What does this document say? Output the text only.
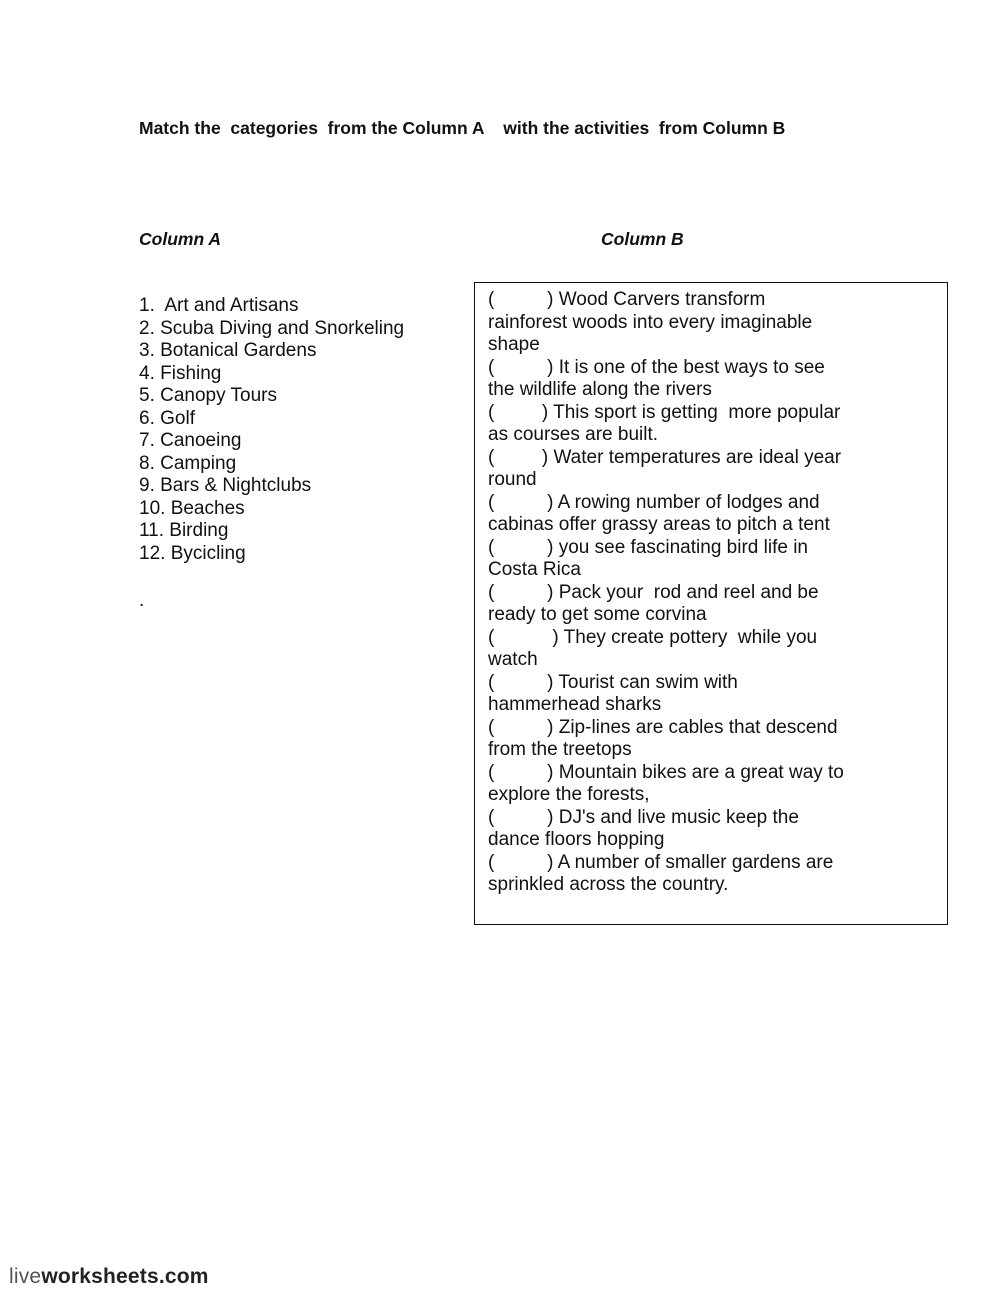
Match the  categories  from the Column A    with the activities  from Column B
Column A	Column B
1.  Art and Artisans
2. Scuba Diving and Snorkeling
3. Botanical Gardens
4. Fishing
5. Canopy Tours
6. Golf
7. Canoeing
8. Camping
9. Bars & Nightclubs
10. Beaches
11. Birding
12. Bycicling
.
(          ) Wood Carvers transform rainforest woods into every imaginable shape
(          ) It is one of the best ways to see  the wildlife along the rivers
(         ) This sport is getting  more popular as courses are built.
(         ) Water temperatures are ideal year round
(          ) A rowing number of lodges and cabinas offer grassy areas to pitch a tent
(          ) you see fascinating bird life in Costa Rica
(          ) Pack your  rod and reel and be ready to get some corvina
(           ) They create pottery  while you watch
(          ) Tourist can swim with hammerhead sharks
(          ) Zip-lines are cables that descend from the treetops
(          ) Mountain bikes are a great way to explore the forests,
(          ) DJ's and live music keep the dance floors hopping
(          ) A number of smaller gardens are sprinkled across the country.
liveworksheets.com
